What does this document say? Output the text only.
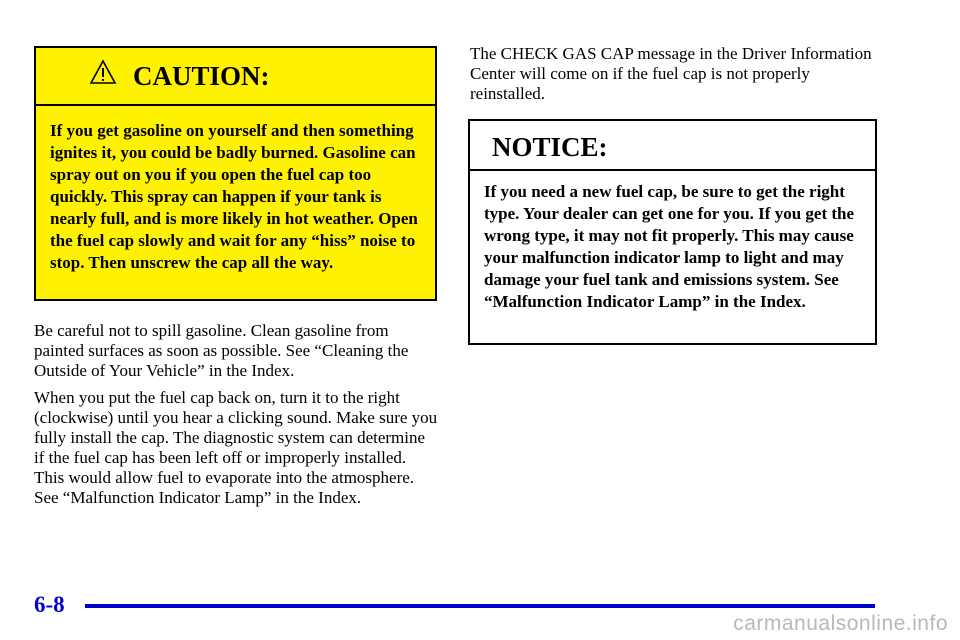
CAUTION:

If you get gasoline on yourself and then something ignites it, you could be badly burned. Gasoline can spray out on you if you open the fuel cap too quickly. This spray can happen if your tank is nearly full, and is more likely in hot weather. Open the fuel cap slowly and wait for any “hiss” noise to stop. Then unscrew the cap all the way.

Be careful not to spill gasoline. Clean gasoline from painted surfaces as soon as possible. See “Cleaning the Outside of Your Vehicle” in the Index.

When you put the fuel cap back on, turn it to the right (clockwise) until you hear a clicking sound. Make sure you fully install the cap. The diagnostic system can determine if the fuel cap has been left off or improperly installed. This would allow fuel to evaporate into the atmosphere. See “Malfunction Indicator Lamp” in the Index.

The CHECK GAS CAP message in the Driver Information Center will come on if the fuel cap is not properly reinstalled.

NOTICE:

If you need a new fuel cap, be sure to get the right type. Your dealer can get one for you. If you get the wrong type, it may not fit properly. This may cause your malfunction indicator lamp to light and may damage your fuel tank and emissions system. See “Malfunction Indicator Lamp” in the Index.

6-8
carmanualsonline.info
